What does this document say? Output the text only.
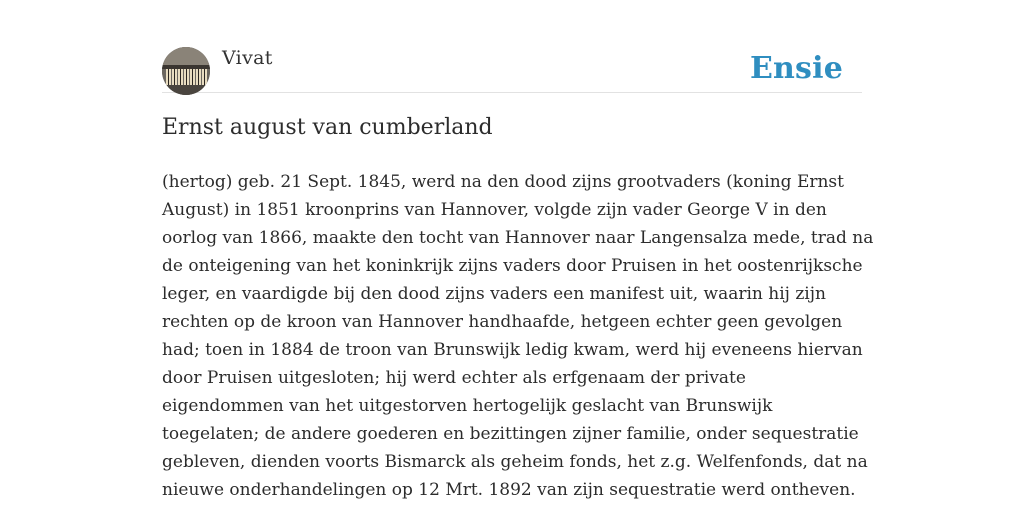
Vivat	Ensie
Ernst august van cumberland

(hertog) geb. 21 Sept. 1845, werd na den dood zijns grootvaders (koning Ernst
August) in 1851 kroonprins van Hannover, volgde zijn vader George V in den
oorlog van 1866, maakte den tocht van Hannover naar Langensalza mede, trad na
de onteigening van het koninkrijk zijns vaders door Pruisen in het oostenrijksche
leger, en vaardigde bij den dood zijns vaders een manifest uit, waarin hij zijn
rechten op de kroon van Hannover handhaafde, hetgeen echter geen gevolgen
had; toen in 1884 de troon van Brunswijk ledig kwam, werd hij eveneens hiervan
door Pruisen uitgesloten; hij werd echter als erfgenaam der private
eigendommen van het uitgestorven hertogelijk geslacht van Brunswijk
toegelaten; de andere goederen en bezittingen zijner familie, onder sequestratie
gebleven, dienden voorts Bismarck als geheim fonds, het z.g. Welfenfonds, dat na
nieuwe onderhandelingen op 12 Mrt. 1892 van zijn sequestratie werd ontheven.
